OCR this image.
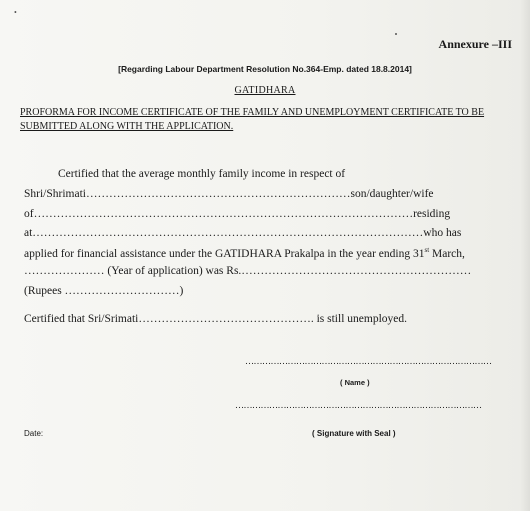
•
Annexure –III
[Regarding Labour Department Resolution No.364-Emp. dated 18.8.2014]
GATIDHARA
PROFORMA FOR INCOME CERTIFICATE OF THE FAMILY AND UNEMPLOYMENT CERTIFICATE TO BE SUBMITTED ALONG WITH THE APPLICATION.
Certified that the average monthly family income in respect of
Shri/Shrimati……………………………………………………………son/daughter/wife
of………………………………………………………………………………………residing
at…………………………………………………………………………………………who has
applied for financial assistance under the GATIDHARA Prakalpa in the year ending 31st March,
………………… (Year of application) was Rs.……………………………………………………
(Rupees …………………………)
Certified that Sri/Srimati………………………………………. is still unemployed.
……………………………………………………………………………
( Name )
……………………………………………………………………………
Date:	( Signature with Seal )
